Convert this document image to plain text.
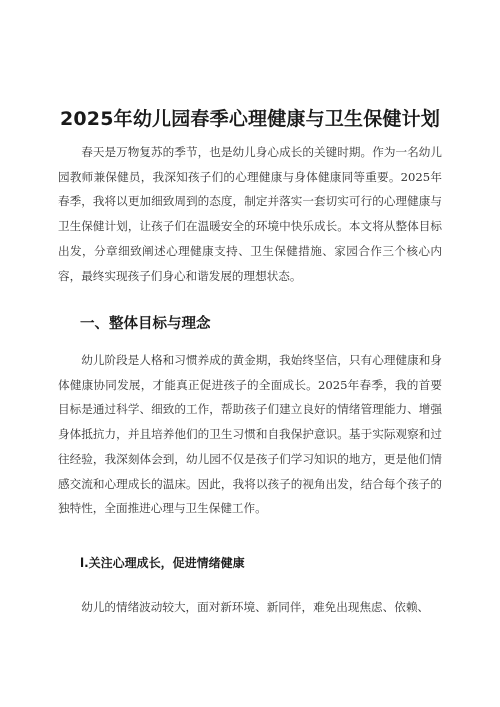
2025年幼儿园春季心理健康与卫生保健计划

春天是万物复苏的季节，也是幼儿身心成长的关键时期。作为一名幼儿园教师兼保健员，我深知孩子们的心理健康与身体健康同等重要。2025年春季，我将以更加细致周到的态度，制定并落实一套切实可行的心理健康与卫生保健计划，让孩子们在温暖安全的环境中快乐成长。本文将从整体目标出发，分章细致阐述心理健康支持、卫生保健措施、家园合作三个核心内容，最终实现孩子们身心和谐发展的理想状态。

一、整体目标与理念

幼儿阶段是人格和习惯养成的黄金期，我始终坚信，只有心理健康和身体健康协同发展，才能真正促进孩子的全面成长。2025年春季，我的首要目标是通过科学、细致的工作，帮助孩子们建立良好的情绪管理能力、增强身体抵抗力，并且培养他们的卫生习惯和自我保护意识。基于实际观察和过往经验，我深刻体会到，幼儿园不仅是孩子们学习知识的地方，更是他们情感交流和心理成长的温床。因此，我将以孩子的视角出发，结合每个孩子的独特性，全面推进心理与卫生保健工作。

l.关注心理成长，促进情绪健康

幼儿的情绪波动较大，面对新环境、新同伴，难免出现焦虑、依赖、
